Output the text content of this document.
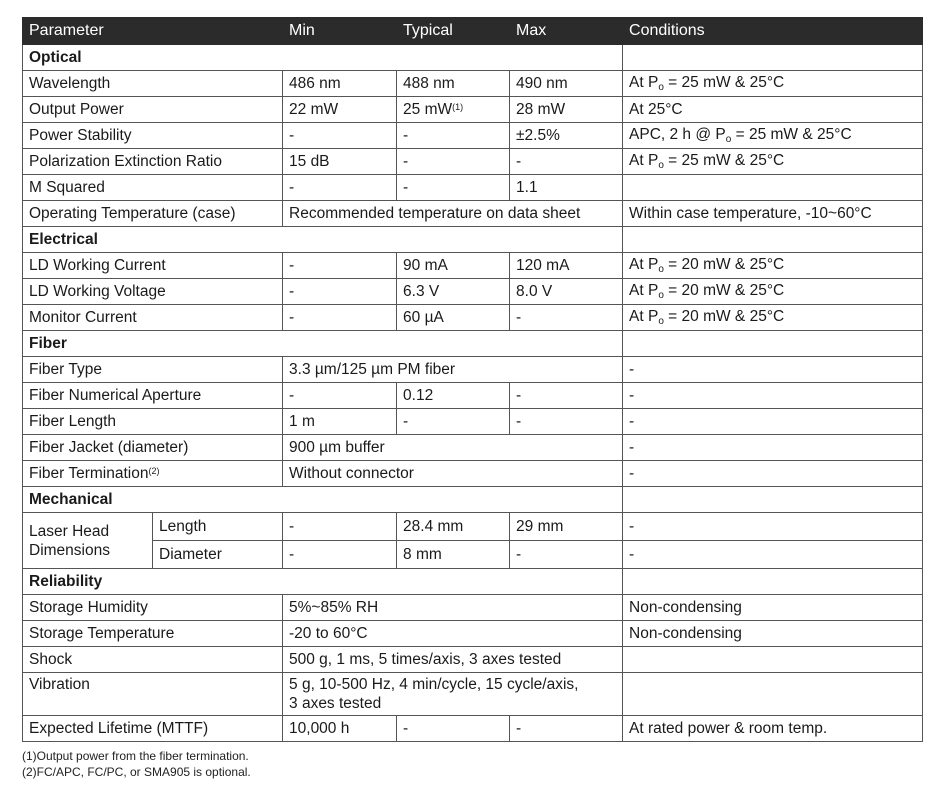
Parameter		Min	Typical	Max	Conditions
Optical					
Wavelength		486 nm	488 nm	490 nm	At $P_o = 25$ mW & 25°C
Output Power		22 mW	25 $mW^{(1)}$	28 mW	At 25°C
Power Stability		-	-	±2.5%	APC, 2 h @ $P_o = 25$ mW & 25°C
Polarization Extinction Ratio		15 dB	-	-	At $P_o = 25$ mW & 25°C
M Squared		-	-	1.1	
Operating Temperature (case)		Recommended temperature on data sheet			Within case temperature, -10~60°C
Electrical					
LD Working Current		-	90 mA	120 mA	At $P_o = 20$ mW & 25°C
LD Working Voltage		-	6.3 V	8.0 V	At $P_o = 20$ mW & 25°C
Monitor Current		-	60 µA	-	At $P_o = 20$ mW & 25°C
Fiber					
Fiber Type		3.3 µm/125 µm PM fiber			-
Fiber Numerical Aperture		-	0.12	-	-
Fiber Length		1 m	-	-	-
Fiber Jacket (diameter)		900 µm buffer			-
Fiber Termination$^{(2)}$		Without connector			-
Mechanical					
Laser Head Dimensions	Length	-	28.4 mm	29 mm	-
	Diameter	-	8 mm	-	-
Reliability					
Storage Humidity		5%~85% RH			Non-condensing
Storage Temperature		-20 to 60°C			Non-condensing
Shock		500 g, 1 ms, 5 times/axis, 3 axes tested			
Vibration		5 g, 10-500 Hz, 4 min/cycle, 15 cycle/axis, 3 axes tested			
Expected Lifetime (MTTF)		10,000 h	-	-	At rated power & room temp.
(1)Output power from the fiber termination.
(2)FC/APC, FC/PC, or SMA905 is optional.
